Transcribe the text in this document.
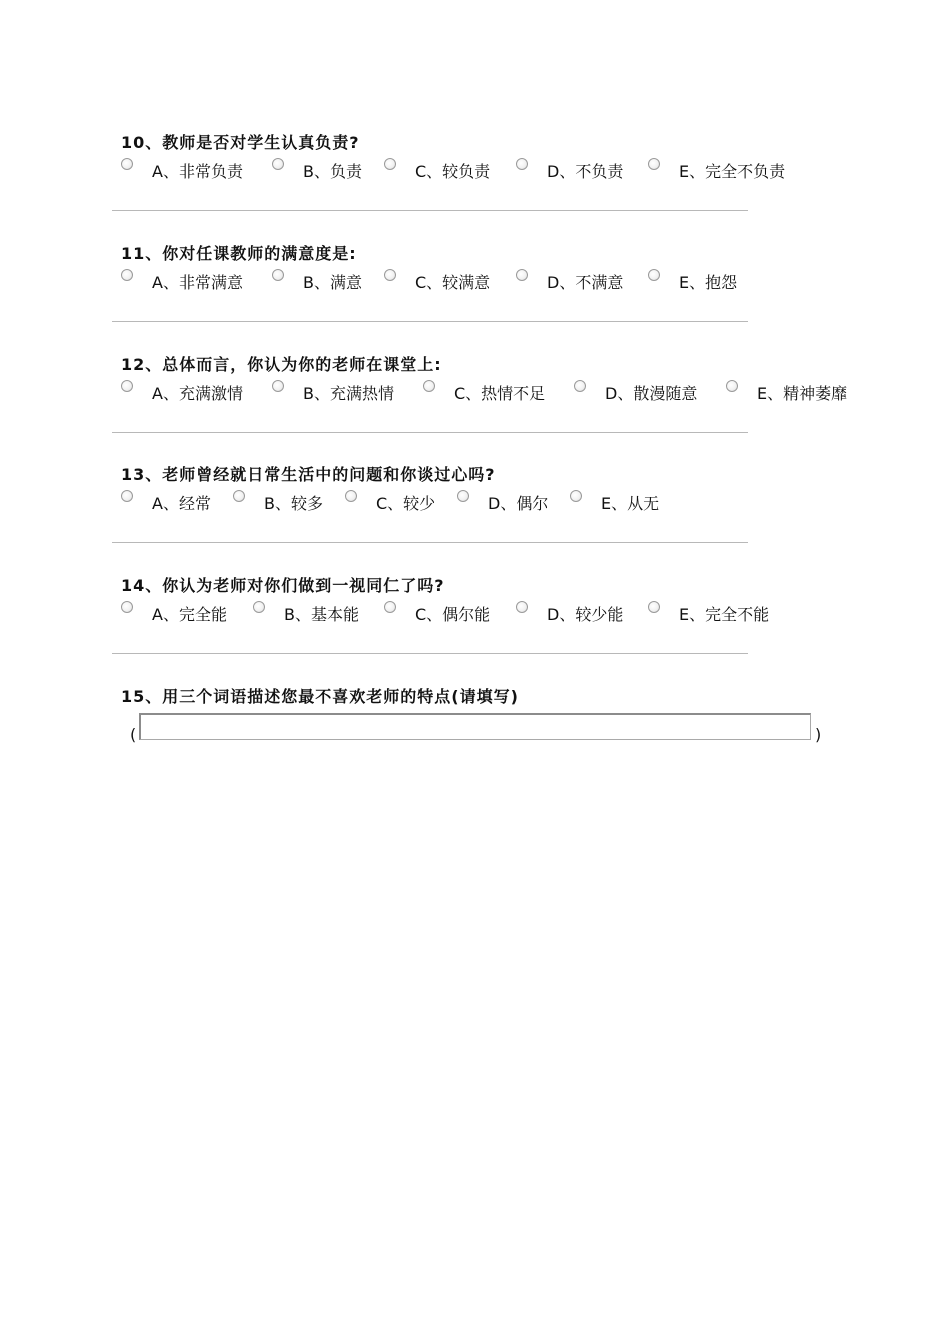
10、教师是否对学生认真负责?
A、非常负责	B、负责	C、较负责	D、不负责	E、完全不负责
11、你对任课教师的满意度是:
A、非常满意	B、满意	C、较满意	D、不满意	E、抱怨
12、总体而言，你认为你的老师在课堂上:
A、充满激情	B、充满热情	C、热情不足	D、散漫随意	E、精神萎靡
13、老师曾经就日常生活中的问题和你谈过心吗?
A、经常	B、较多	C、较少	D、偶尔	E、从无
14、你认为老师对你们做到一视同仁了吗?
A、完全能	B、基本能	C、偶尔能	D、较少能	E、完全不能
15、用三个词语描述您最不喜欢老师的特点(请填写)
(	)
